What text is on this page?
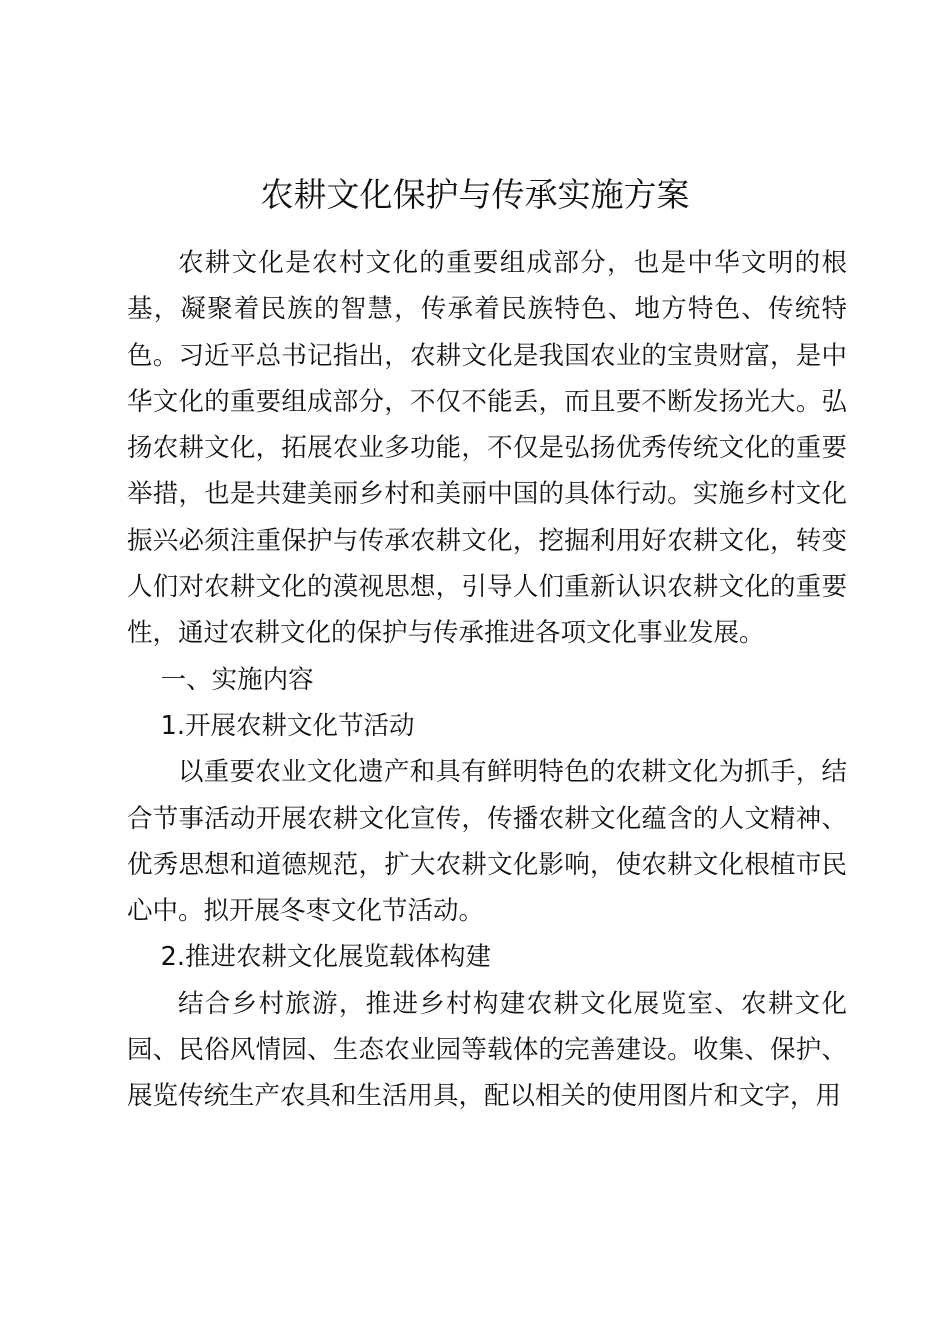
农耕文化保护与传承实施方案

农耕文化是农村文化的重要组成部分，也是中华文明的根基，凝聚着民族的智慧，传承着民族特色、地方特色、传统特色。习近平总书记指出，农耕文化是我国农业的宝贵财富，是中华文化的重要组成部分，不仅不能丢，而且要不断发扬光大。弘扬农耕文化，拓展农业多功能，不仅是弘扬优秀传统文化的重要举措，也是共建美丽乡村和美丽中国的具体行动。实施乡村文化振兴必须注重保护与传承农耕文化，挖掘利用好农耕文化，转变人们对农耕文化的漠视思想，引导人们重新认识农耕文化的重要性，通过农耕文化的保护与传承推进各项文化事业发展。

一、实施内容

1.开展农耕文化节活动

以重要农业文化遗产和具有鲜明特色的农耕文化为抓手，结合节事活动开展农耕文化宣传，传播农耕文化蕴含的人文精神、优秀思想和道德规范，扩大农耕文化影响，使农耕文化根植市民心中。拟开展冬枣文化节活动。

2.推进农耕文化展览载体构建

结合乡村旅游，推进乡村构建农耕文化展览室、农耕文化园、民俗风情园、生态农业园等载体的完善建设。收集、保护、展览传统生产农具和生活用具，配以相关的使用图片和文字，用
